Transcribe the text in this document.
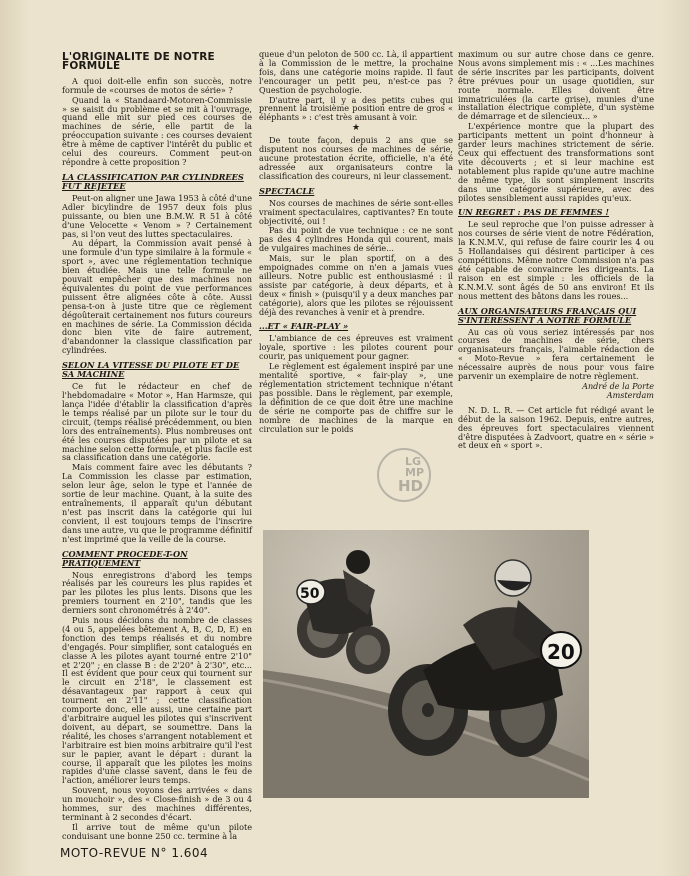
L'ORIGINALITE DE NOTRE FORMULE

A quoi doit-elle enfin son succès, notre formule de «courses de motos de série» ?

Quand la « Standaard-Motoren-Commissie » se saisit du problème et se mit à l'ouvrage, quand elle mit sur pied ces courses de machines de série, elle partit de la préoccupation suivante : ces courses devaient être à même de captiver l'intérêt du public et celui des coureurs. Comment peut-on répondre à cette proposition ?

LA CLASSIFICATION PAR CYLINDREES FUT REJETEE

Peut-on aligner une Jawa 1953 à côté d'une Adler bicylindre de 1957 deux fois plus puissante, ou bien une B.M.W. R 51 à côté d'une Velocette « Venom » ? Certainement pas, si l'on veut des luttes spectaculaires.

Au départ, la Commission avait pensé à une formule d'un type similaire à la formule « sport », avec une réglementation technique bien étudiée. Mais une telle formule ne pouvait empêcher que des machines non équivalentes du point de vue performances puissent être alignées côte à côte. Aussi pensa-t-on à juste titre que ce règlement dégoûterait certainement nos futurs coureurs en machines de série. La Commission décida donc bien vite de faire autrement, d'abandonner la classique classification par cylindrées.

SELON LA VITESSE DU PILOTE ET DE SA MACHINE

Ce fut le rédacteur en chef de l'hebdomadaire « Motor », Han Harmsze, qui lança l'idée d'établir la classification d'après le temps réalisé par un pilote sur le tour du circuit, (temps réalisé précédemment, ou bien lors des entraînements). Plus nombreuses ont été les courses disputées par un pilote et sa machine selon cette formule, et plus facile est sa classification dans une catégorie.

Mais comment faire avec les débutants ? La Commission les classe par estimation, selon leur âge, selon le type et l'année de sortie de leur machine. Quant, à la suite des entraînements, il apparaît qu'un débutant n'est pas inscrit dans la catégorie qui lui convient, il est toujours temps de l'inscrire dans une autre, vu que le programme définitif n'est imprimé que la veille de la course.

COMMENT PROCEDE-T-ON PRATIQUEMENT

Nous enregistrons d'abord les temps réalisés par les coureurs les plus rapides et par les pilotes les plus lents. Disons que les premiers tournent en 2'10", tandis que les derniers sont chronométrés à 2'40".

Puis nous décidons du nombre de classes (4 ou 5, appelées bêtement A, B, C, D, E) en fonction des temps réalisés et du nombre d'engagés. Pour simplifier, sont catalogués en classe A les pilotes ayant tourné entre 2'10" et 2'20" ; en classe B : de 2'20" à 2'30", etc... Il est évident que pour ceux qui tournent sur le circuit en 2'18", le classement est désavantageux par rapport à ceux qui tournent en 2'11" ; cette classification comporte donc, elle aussi, une certaine part d'arbitraire auquel les pilotes qui s'inscrivent doivent, au départ, se soumettre. Dans la réalité, les choses s'arrangent notablement et l'arbitraire est bien moins arbitraire qu'il l'est sur le papier, avant le départ : durant la course, il apparaît que les pilotes les moins rapides d'une classe savent, dans le feu de l'action, améliorer leurs temps.

Souvent, nous voyons des arrivées « dans un mouchoir », des « Close-finish » de 3 ou 4 hommes, sur des machines différentes, terminant à 2 secondes d'écart.

Il arrive tout de même qu'un pilote conduisant une bonne 250 cc. termine à la

queue d'un peloton de 500 cc. Là, il appartient à la Commission de le mettre, la prochaine fois, dans une catégorie moins rapide. Il faut l'encourager un petit peu, n'est-ce pas ? Question de psychologie.

D'autre part, il y a des petits cubes qui prennent la troisième position entre de gros « éléphants » : c'est très amusant à voir.

★

De toute façon, depuis 2 ans que se disputent nos courses de machines de série, aucune protestation écrite, officielle, n'a été adressée aux organisateurs contre la classification des coureurs, ni leur classement.

SPECTACLE

Nos courses de machines de série sont-elles vraiment spectaculaires, captivantes? En toute objectivité, oui !

Pas du point de vue technique : ce ne sont pas des 4 cylindres Honda qui courent, mais de vulgaires machines de série...

Mais, sur le plan sportif, on a des empoignades comme on n'en a jamais vues ailleurs. Notre public est enthousiasmé : il assiste par catégorie, à deux départs, et à deux « finish » (puisqu'il y a deux manches par catégorie), alors que les pilotes se réjouissent déjà des revanches à venir et à prendre.

...ET « FAIR-PLAY »

L'ambiance de ces épreuves est vraiment loyale, sportive : les pilotes courent pour courir, pas uniquement pour gagner.

Le règlement est également inspiré par une mentalité sportive, « fair-play », une réglementation strictement technique n'étant pas possible. Dans le règlement, par exemple, la définition de ce que doit être une machine de série ne comporte pas de chiffre sur le nombre de machines de la marque en circulation sur le poids

maximum ou sur autre chose dans ce genre. Nous avons simplement mis : « ...Les machines de série inscrites par les participants, doivent être prévues pour un usage quotidien, sur route normale. Elles doivent être immatriculées (la carte grise), munies d'une installation électrique complète, d'un système de démarrage et de silencieux... »

L'expérience montre que la plupart des participants mettent un point d'honneur à garder leurs machines strictement de série. Ceux qui effectuent des transformations sont vite découverts ; et si leur machine est notablement plus rapide qu'une autre machine de même type, ils sont simplement inscrits dans une catégorie supérieure, avec des pilotes sensiblement aussi rapides qu'eux.

UN REGRET : PAS DE FEMMES !

Le seul reproche que l'on puisse adresser à nos courses de série vient de notre Fédération, la K.N.M.V., qui refuse de faire courir les 4 ou 5 Hollandaises qui désirent participer à ces compétitions. Même notre Commission n'a pas été capable de convaincre les dirigeants. La raison en est simple : les officiels de la K.N.M.V. sont âgés de 50 ans environ! Et ils nous mettent des bâtons dans les roues...

AUX ORGANISATEURS FRANÇAIS QUI S'INTERESSENT A NOTRE FORMULE

Au cas où vous seriez intéressés par nos courses de machines de série, chers organisateurs français, l'aimable rédaction de « Moto-Revue » fera certainement le nécessaire auprès de nous pour vous faire parvenir un exemplaire de notre règlement.

André de la Porte
Amsterdam

N. D. L. R. — Cet article fut rédigé avant le début de la saison 1962. Depuis, entre autres, des épreuves fort spectaculaires viennent d'être disputées à Zadvoort, quatre en « série » et deux en « sport ».

LG
MP
HD
50
20
MOTO-REVUE N° 1.604
